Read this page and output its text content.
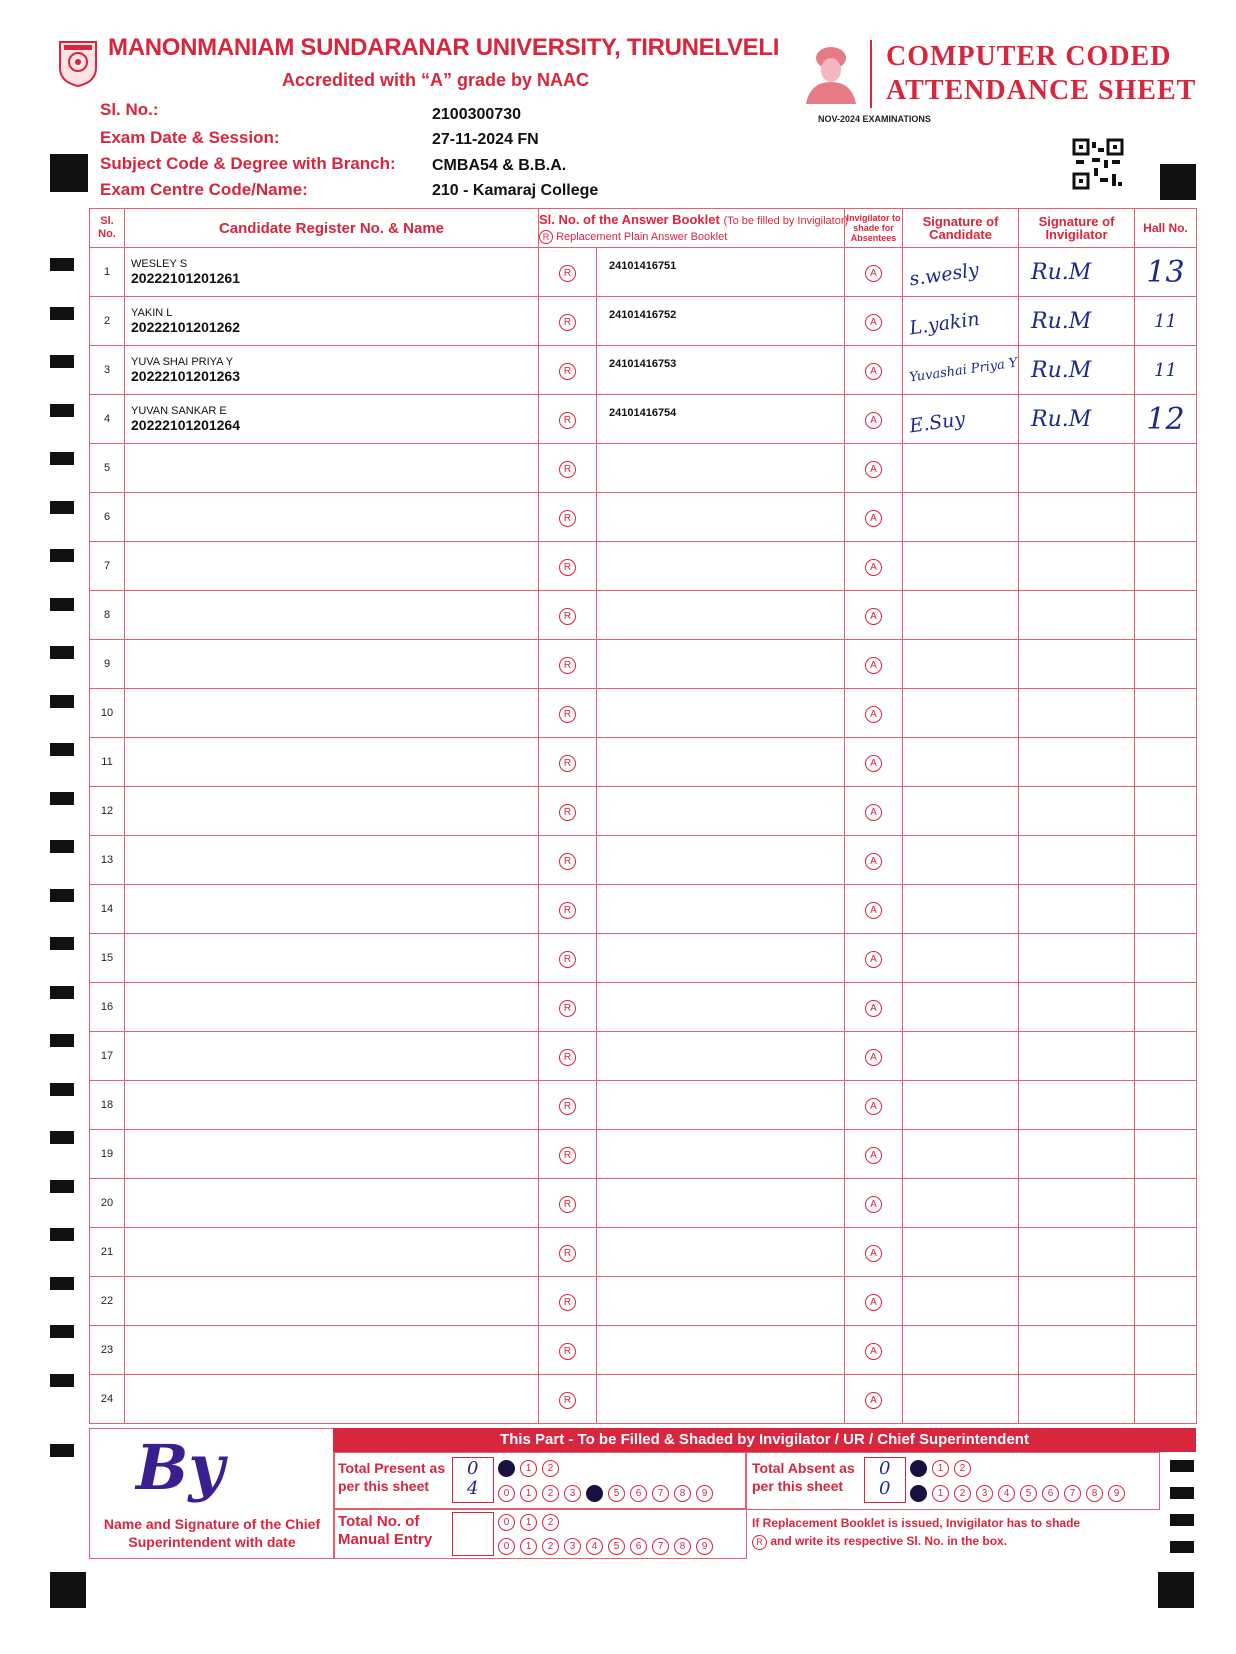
MANONMANIAM SUNDARANAR UNIVERSITY, TIRUNELVELI
Accredited with “A” grade by NAAC
COMPUTER CODED
ATTENDANCE SHEET
NOV-2024 EXAMINATIONS
Sl. No.:	2100300730
Exam Date & Session:	27-11-2024 FN
Subject Code & Degree with Branch: CMBA54 & B.B.A.
Exam Centre Code/Name:	210 - Kamaraj College
Sl. No.	Candidate Register No. & Name	Sl. No. of the Answer Booklet (To be filled by Invigilator)
R Replacement Plain Answer Booklet		Invigilator to shade for Absentees	Signature of Candidate	Signature of Invigilator	Hall No.
1	WESLEY S
20222101201261	R	24101416751	A	s.wesly	Ru.M	13

2	YAKIN L
20222101201262	R	24101416752	A	L.yakin	Ru.M	11

3	YUVA SHAI PRIYA Y
20222101201263	R	24101416753	A	Yuvashai Priya Y	Ru.M	11

4	YUVAN SANKAR E
20222101201264	R	24101416754	A	E.Suy	Ru.M	12

5		R		A			
6		R		A			
7		R		A			
8		R		A			
9		R		A			
10		R		A			
11		R		A			
12		R		A			
13		R		A			
14		R		A			
15		R		A			
16		R		A			
17		R		A			
18		R		A			
19		R		A			
20		R		A			
21		R		A			
22		R		A			
23		R		A			
24		R		A			
By
Name and Signature of the Chief Superintendent with date
This Part - To be Filled & Shaded by Invigilator / UR / Chief Superintendent
Total Present as per this sheet
0
4
0 1 2
0 1 2 3 4 5 6 7 8 9
Total Absent as per this sheet
0
0
0 1 2
0 1 2 3 4 5 6 7 8 9
Total No. of Manual Entry
0 1 2
0 1 2 3 4 5 6 7 8 9
If Replacement Booklet is issued, Invigilator has to shade
R and write its respective Sl. No. in the box.
